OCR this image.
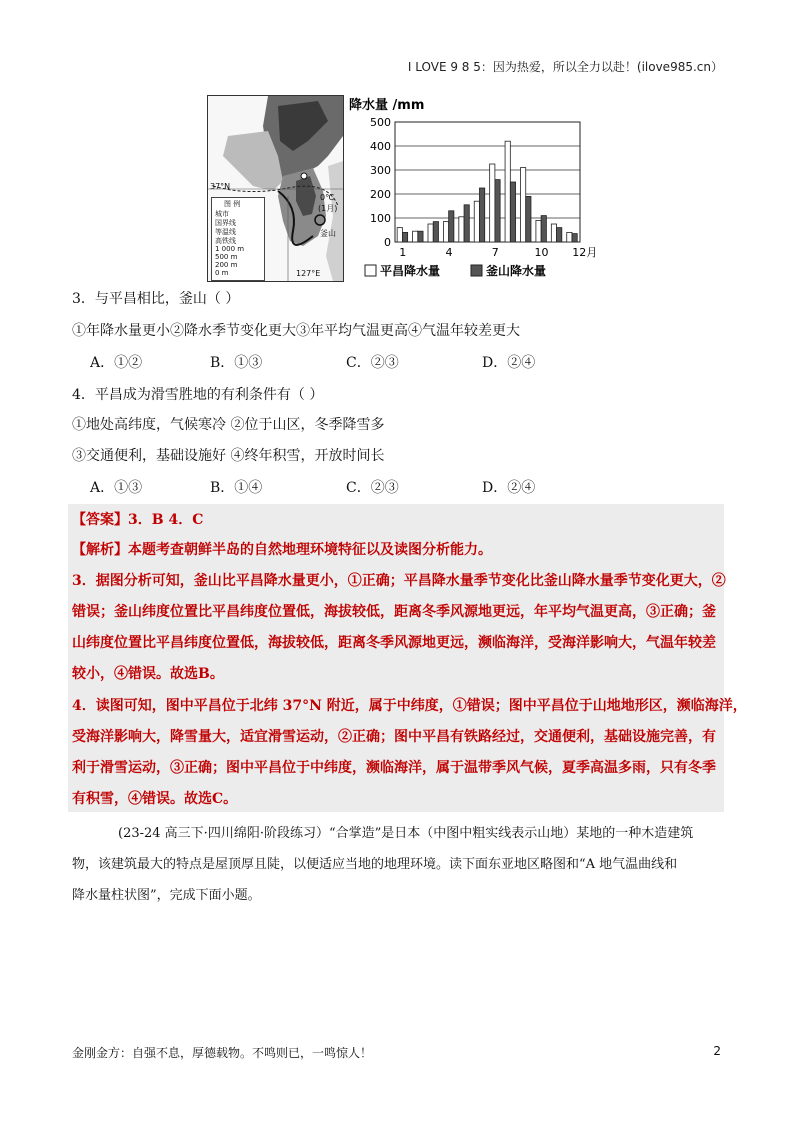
I LOVE 9 8 5：因为热爱，所以全力以赴！(ilove985.cn）
37°N
127°E
釜山
0℃
(1月)
图 例
城市
国界线
等温线
高铁线
1 000 m
500 m
200 m
0 m
降水量 /mm
0
100
200
300
400
500
1	4	7	10 12月
平昌降水量	釜山降水量
3．与平昌相比，釜山（ ）
①年降水量更小②降水季节变化更大③年平均气温更高④气温年较差更大
A．①②	B．①③	C．②③	D．②④
4．平昌成为滑雪胜地的有利条件有（ ）
①地处高纬度，气候寒冷 ②位于山区，冬季降雪多
③交通便利，基础设施好 ④终年积雪，开放时间长
A．①③	B．①④	C．②③	D．②④
【答案】3．B 4．C
【解析】本题考查朝鲜半岛的自然地理环境特征以及读图分析能力。
3．据图分析可知，釜山比平昌降水量更小，①正确；平昌降水量季节变化比釜山降水量季节变化更大，②
错误；釜山纬度位置比平昌纬度位置低，海拔较低，距离冬季风源地更远，年平均气温更高，③正确；釜
山纬度位置比平昌纬度位置低，海拔较低，距离冬季风源地更远，濒临海洋，受海洋影响大，气温年较差
较小，④错误。故选B。
4．读图可知，图中平昌位于北纬 37°N 附近，属于中纬度，①错误；图中平昌位于山地地形区，濒临海洋，
受海洋影响大，降雪量大，适宜滑雪运动，②正确；图中平昌有铁路经过，交通便利，基础设施完善，有
利于滑雪运动，③正确；图中平昌位于中纬度，濒临海洋，属于温带季风气候，夏季高温多雨，只有冬季
有积雪，④错误。故选C。
(23-24 高三下·四川绵阳·阶段练习）“合掌造”是日本（中图中粗实线表示山地）某地的一种木造建筑
物，该建筑最大的特点是屋顶厚且陡，以便适应当地的地理环境。读下面东亚地区略图和“A 地气温曲线和
降水量柱状图”，完成下面小题。
金刚金方：自强不息，厚德载物。不鸣则已，一鸣惊人！	2
